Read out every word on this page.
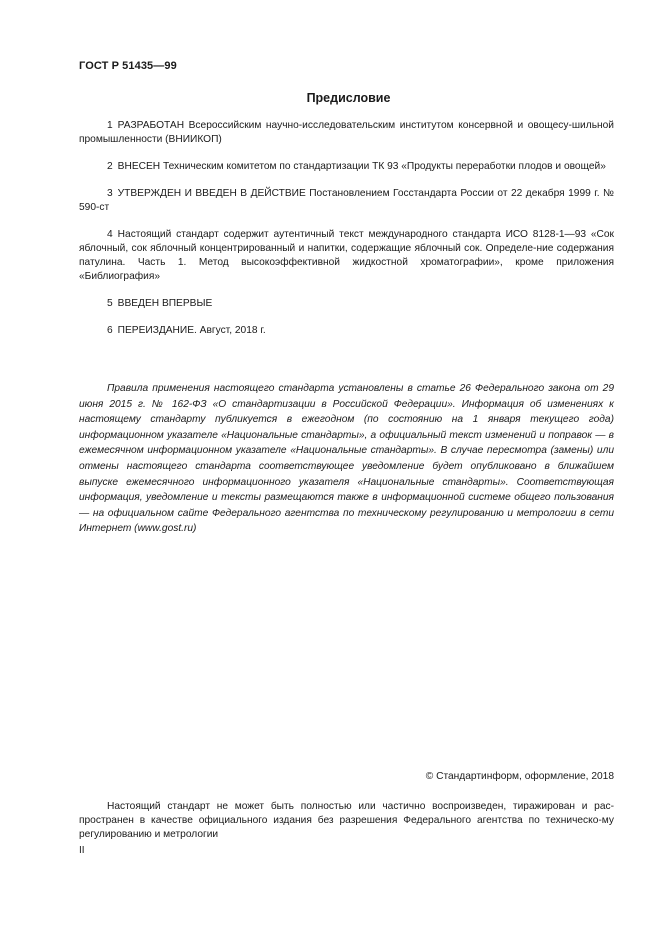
ГОСТ Р 51435—99
Предисловие

1 РАЗРАБОТАН Всероссийским научно-исследовательским институтом консервной и овощесу-шильной промышленности (ВНИИКОП)

2 ВНЕСЕН Техническим комитетом по стандартизации ТК 93 «Продукты переработки плодов и овощей»

3 УТВЕРЖДЕН И ВВЕДЕН В ДЕЙСТВИЕ Постановлением Госстандарта России от 22 декабря 1999 г. № 590-ст

4 Настоящий стандарт содержит аутентичный текст международного стандарта ИСО 8128-1—93 «Сок яблочный, сок яблочный концентрированный и напитки, содержащие яблочный сок. Определе-ние содержания патулина. Часть 1. Метод высокоэффективной жидкостной хроматографии», кроме приложения «Библиография»

5 ВВЕДЕН ВПЕРВЫЕ

6 ПЕРЕИЗДАНИЕ. Август, 2018 г.

Правила применения настоящего стандарта установлены в статье 26 Федерального закона от 29 июня 2015 г. № 162-ФЗ «О стандартизации в Российской Федерации». Информация об изменениях к настоящему стандарту публикуется в ежегодном (по состоянию на 1 января текущего года) информационном указателе «Национальные стандарты», а официальный текст изменений и поправок — в ежемесячном информационном указателе «Национальные стандарты». В случае пересмотра (замены) или отмены настоящего стандарта соответствующее уведомление будет опубликовано в ближайшем выпуске ежемесячного информационного указателя «Национальные стандарты». Соответствующая информация, уведомление и тексты размещаются также в информационной системе общего пользования — на официальном сайте Федерального агентства по техническому регулированию и метрологии в сети Интернет (www.gost.ru)

© Стандартинформ, оформление, 2018

Настоящий стандарт не может быть полностью или частично воспроизведен, тиражирован и рас-пространен в качестве официального издания без разрешения Федерального агентства по техническо-му регулированию и метрологии

II
